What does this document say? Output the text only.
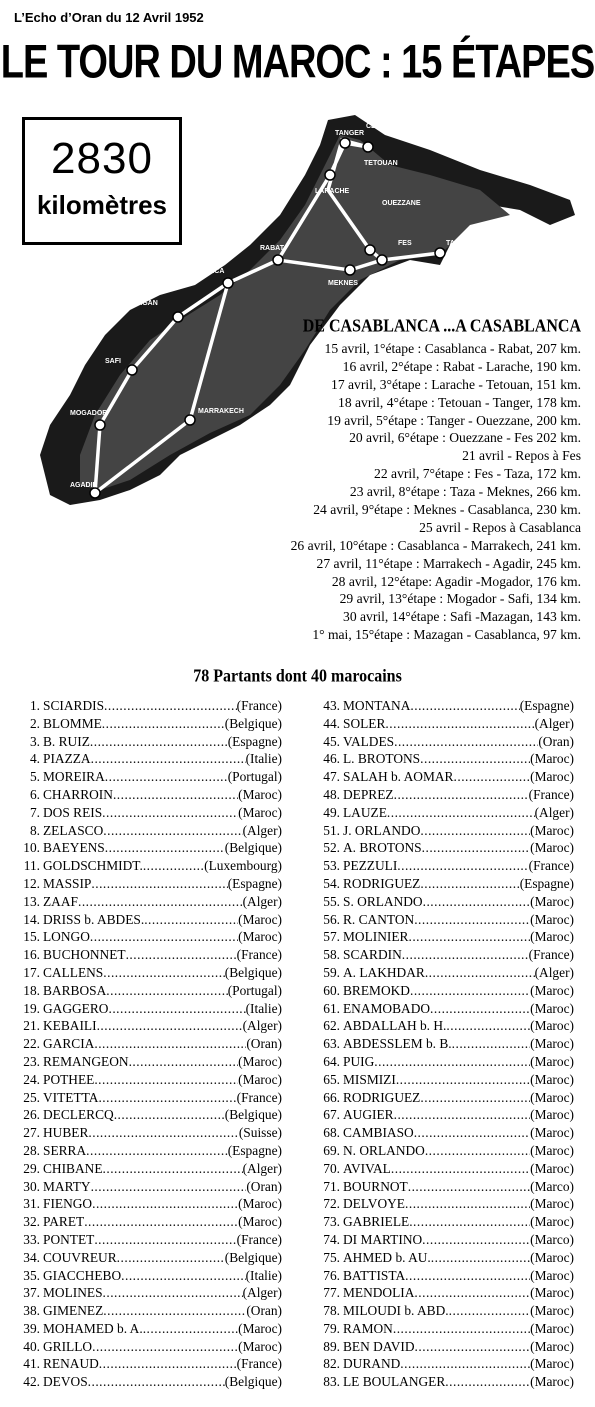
L’Echo d’Oran du 12 Avril 1952
LE TOUR DU MAROC : 15 ÉTAPES
TANGER
CEUTA
TETOUAN
LARACHE
OUEZZANE
RABAT
CASABLANCA
FES	TAZA
MEKNES
MAZAGAN
SAFI
MOGADOR	MARRAKECH
AGADIR
2830
kilomètres
DE CASABLANCA ...A CASABLANCA
15 avril, 1°étape : Casablanca - Rabat, 207 km.
16 avril, 2°étape : Rabat - Larache, 190 km.
17 avril, 3°étape : Larache - Tetouan, 151 km.
18 avril, 4°étape : Tetouan - Tanger, 178 km.
19 avril, 5°étape : Tanger - Ouezzane, 200 km.
20 avril, 6°étape : Ouezzane - Fes 202 km.
21 avril - Repos à Fes
22 avril, 7°étape : Fes - Taza, 172 km.
23 avril, 8°étape : Taza - Meknes, 266 km.
24 avril, 9°étape : Meknes - Casablanca, 230 km.
25 avril - Repos à Casablanca
26 avril, 10°étape : Casablanca - Marrakech, 241 km.
27 avril, 11°étape : Marrakech - Agadir, 245 km.
28 avril, 12°étape: Agadir -Mogador, 176 km.
29 avril, 13°étape : Mogador - Safi, 134 km.
30 avril, 14°étape : Safi -Mazagan, 143 km.
1° mai, 15°étape : Mazagan - Casablanca, 97 km.
78 Partants dont 40 marocains
1. SCIARDIS .....	(France)
2. BLOMME .....	(Belgique)
3. B. RUIZ .....	(Espagne)
4. PIAZZA .....	(Italie)
5. MOREIRA .....	(Portugal)
6. CHARROIN .....	(Maroc)
7. DOS REIS .....	(Maroc)
8. ZELASCO .....	(Alger)
10. BAEYENS .....	(Belgique)
11. GOLDSCHMIDT. .....	(Luxembourg)
12. MASSIP .....	(Espagne)
13. ZAAF .....	(Alger)
14. DRISS b. ABDES. .....	(Maroc)
15. LONGO .....	(Maroc)
16. BUCHONNET .....	(France)
17. CALLENS .....	(Belgique)
18. BARBOSA .....	(Portugal)
19. GAGGERO .....	(Italie)
21. KEBAILI .....	(Alger)
22. GARCIA .....	(Oran)
23. REMANGEON .....	(Maroc)
24. POTHEE .....	(Maroc)
25. VITETTA .....	(France)
26. DECLERCQ .....	(Belgique)
27. HUBER .....	(Suisse)
28. SERRA .....	(Espagne)
29. CHIBANE .....	(Alger)
30. MARTY .....	(Oran)
31. FIENGO .....	(Maroc)
32. PARET .....	(Maroc)
33. PONTET .....	(France)
34. COUVREUR .....	(Belgique)
35. GIACCHEBO .....	(Italie)
37. MOLINES .....	(Alger)
38. GIMENEZ .....	(Oran)
39. MOHAMED b. A. .....	(Maroc)
40. GRILLO .....	(Maroc)
41. RENAUD .....	(France)
42. DEVOS .....	(Belgique)
43. MONTANA .....	(Espagne)
44. SOLER .....	(Alger)
45. VALDES .....	(Oran)
46. L. BROTONS .....	(Maroc)
47. SALAH b. AOMAR .....	(Maroc)
48. DEPREZ .....	(France)
49. LAUZE .....	(Alger)
51. J. ORLANDO .....	(Maroc)
52. A. BROTONS .....	(Maroc)
53. PEZZULI .....	(France)
54. RODRIGUEZ .....	(Espagne)
55. S. ORLANDO .....	(Maroc)
56. R. CANTON .....	(Maroc)
57. MOLINIER .....	(Maroc)
58. SCARDIN .....	(France)
59. A. LAKHDAR .....	(Alger)
60. BREMOKD .....	(Maroc)
61. ENAMOBADO .....	(Maroc)
62. ABDALLAH b. H. .....	(Maroc)
63. ABDESSLEM b. B. .....	(Maroc)
64. PUIG .....	(Maroc)
65. MISMIZI .....	(Maroc)
66. RODRIGUEZ .....	(Maroc)
67. AUGIER .....	(Maroc)
68. CAMBIASO .....	(Maroc)
69. N. ORLANDO .....	(Maroc)
70. AVIVAL .....	(Maroc)
71. BOURNOT .....	(Marco)
72. DELVOYE .....	(Maroc)
73. GABRIELE .....	(Maroc)
74. DI MARTINO .....	(Marco)
75. AHMED b. AU. .....	(Maroc)
76. BATTISTA .....	(Maroc)
77. MENDOLIA .....	(Maroc)
78. MILOUDI b. ABD. .....	(Maroc)
79. RAMON .....	(Maroc)
89. BEN DAVID .....	(Maroc)
82. DURAND .....	(Maroc)
83. LE BOULANGER .....	(Maroc)
